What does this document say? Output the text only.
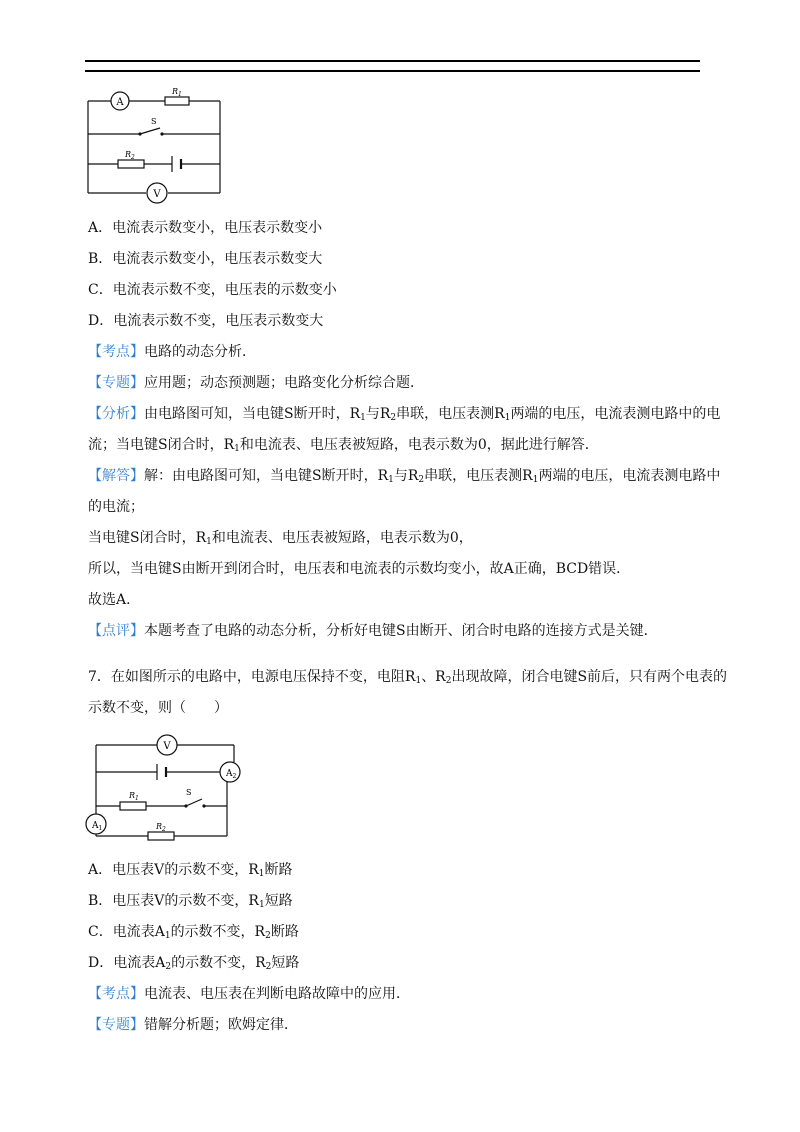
A
$R_1$
S
$R_2$
V
A．电流表示数变小，电压表示数变小
B．电流表示数变小，电压表示数变大
C．电流表示数不变，电压表的示数变小
D．电流表示数不变，电压表示数变大
【考点】电路的动态分析．
【专题】应用题；动态预测题；电路变化分析综合题．
【分析】由电路图可知，当电键S断开时，$R_1$与$R_2$串联，电压表测$R_1$两端的电压，电流表测电路中的电
流；当电键S闭合时，$R_1$和电流表、电压表被短路，电表示数为0，据此进行解答．
【解答】解：由电路图可知，当电键S断开时，$R_1$与$R_2$串联，电压表测$R_1$两端的电压，电流表测电路中
的电流；
当电键S闭合时，$R_1$和电流表、电压表被短路，电表示数为0，
所以，当电键S由断开到闭合时，电压表和电流表的示数均变小，故A正确，BCD错误．
故选A．
【点评】本题考查了电路的动态分析，分析好电键S由断开、闭合时电路的连接方式是关键．
7．在如图所示的电路中，电源电压保持不变，电阻$R_1$、$R_2$出现故障，闭合电键S前后，只有两个电表的
示数不变，则（　　）
V
$A_2$
$R_1$
S
$A_1$	$R_2$
A．电压表V的示数不变，$R_1$断路
B．电压表V的示数不变，$R_1$短路
C．电流表$A_1$的示数不变，$R_2$断路
D．电流表$A_2$的示数不变，$R_2$短路
【考点】电流表、电压表在判断电路故障中的应用．
【专题】错解分析题；欧姆定律．
